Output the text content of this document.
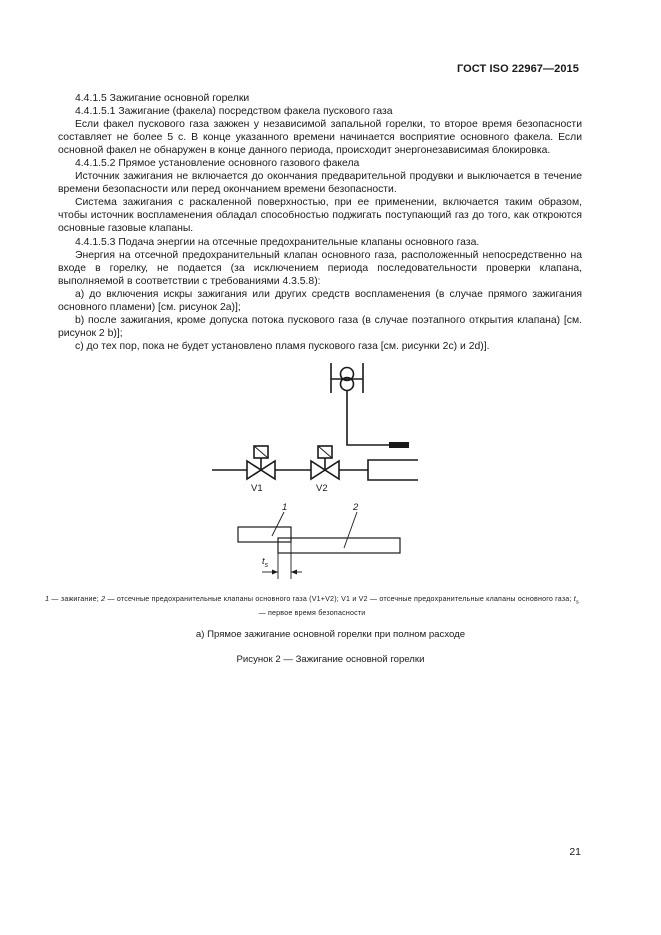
ГОСТ ISO 22967—2015

4.4.1.5 Зажигание основной горелки

4.4.1.5.1 Зажигание (факела) посредством факела пускового газа

Если факел пускового газа зажжен у независимой запальной горелки, то второе время безопасности составляет не более 5 с. В конце указанного времени начинается восприятие основного факела. Если основной факел не обнаружен в конце данного периода, происходит энергонезависимая блокировка.

4.4.1.5.2 Прямое установление основного газового факела

Источник зажигания не включается до окончания предварительной продувки и выключается в течение времени безопасности или перед окончанием времени безопасности.

Система зажигания с раскаленной поверхностью, при ее применении, включается таким образом, чтобы источник воспламенения обладал способностью поджигать поступающий газ до того, как откроются основные газовые клапаны.

4.4.1.5.3 Подача энергии на отсечные предохранительные клапаны основного газа.

Энергия на отсечной предохранительный клапан основного газа, расположенный непосредственно на входе в горелку, не подается (за исключением периода последовательности проверки клапана, выполняемой в соответствии с требованиями 4.3.5.8):

a) до включения искры зажигания или других средств воспламенения (в случае прямого зажигания основного пламени) [см. рисунок 2a)];

b) после зажигания, кроме допуска потока пускового газа (в случае поэтапного открытия клапана) [см. рисунок 2 b)];

c) до тех пор, пока не будет установлено пламя пускового газа [см. рисунки 2c) и 2d)].

V1	V2
1	2
$t_s$
1 — зажигание; 2 — отсечные предохранительные клапаны основного газа (V1+V2); V1 и V2 — отсечные предохранительные клапаны основного газа; $t_s$ — первое время безопасности
a) Прямое зажигание основной горелки при полном расходе
Рисунок 2 — Зажигание основной горелки
21
